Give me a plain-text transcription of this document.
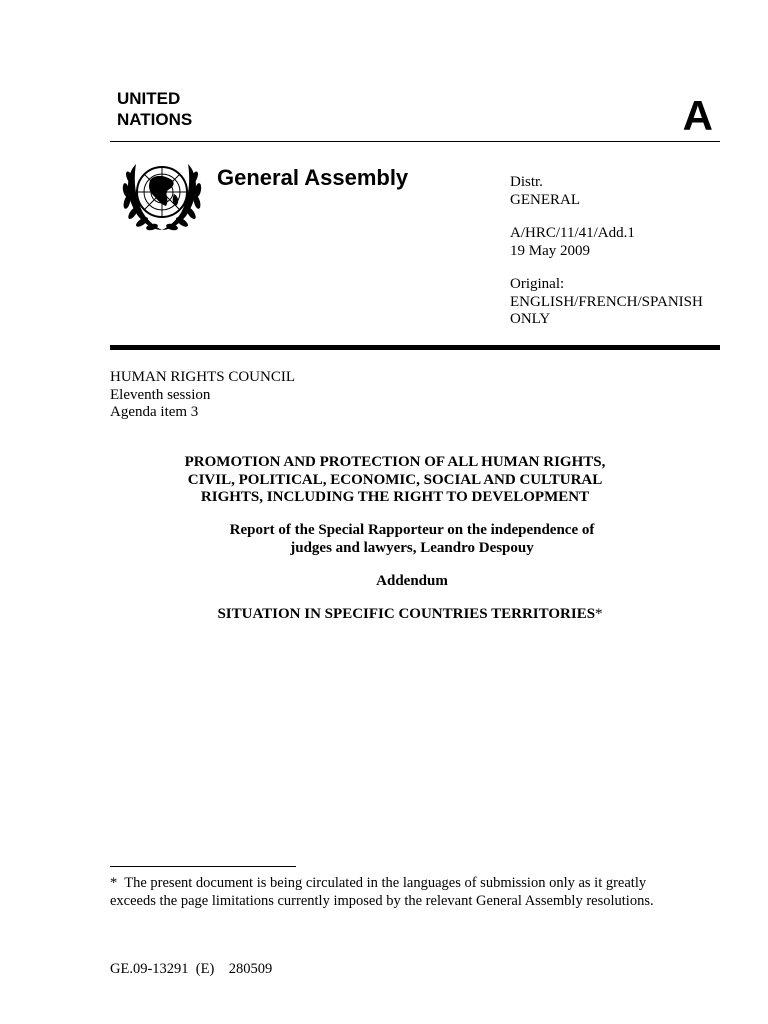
UNITED
NATIONS	A
General Assembly	Distr.
GENERAL
A/HRC/11/41/Add.1
19 May 2009
Original:
ENGLISH/FRENCH/SPANISH
ONLY
HUMAN RIGHTS COUNCIL
Eleventh session
Agenda item 3
PROMOTION AND PROTECTION OF ALL HUMAN RIGHTS,
CIVIL, POLITICAL, ECONOMIC, SOCIAL AND CULTURAL
RIGHTS, INCLUDING THE RIGHT TO DEVELOPMENT
Report of the Special Rapporteur on the independence of
judges and lawyers, Leandro Despouy
Addendum
SITUATION IN SPECIFIC COUNTRIES TERRITORIES*
*  The present document is being circulated in the languages of submission only as it greatly
exceeds the page limitations currently imposed by the relevant General Assembly resolutions.
GE.09-13291  (E)    280509
